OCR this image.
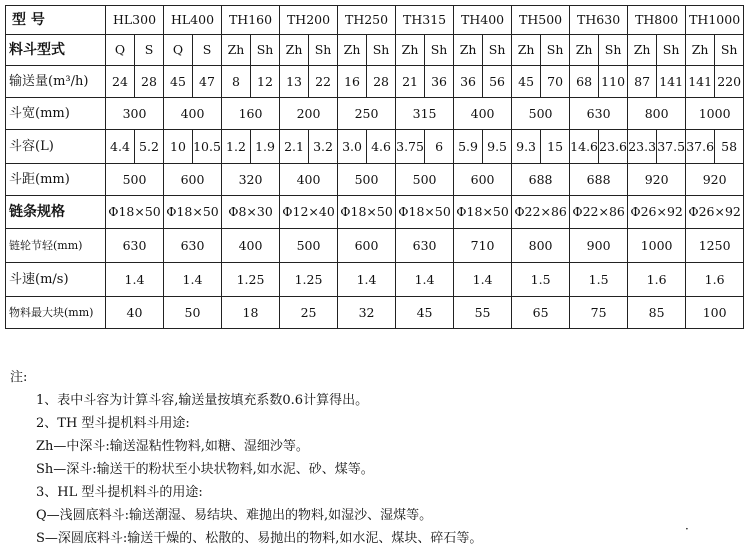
型 号	HL300		HL400		TH160		TH200		TH250		TH315		TH400		TH500		TH630		TH800		TH1000	
料斗型式	Q	S	Q	S	Zh	Sh	Zh	Sh	Zh	Sh	Zh	Sh	Zh	Sh	Zh	Sh	Zh	Sh	Zh	Sh	Zh	Sh
输送量(m³/h)	24	28	45	47	8	12	13	22	16	28	21	36	36	56	45	70	68	110	87	141	141	220
斗宽(mm)	300		400		160		200		250		315		400		500		630		800		1000	
斗容(L)	4.4	5.2	10	10.5	1.2	1.9	2.1	3.2	3.0	4.6	3.75	6	5.9	9.5	9.3	15	14.6	23.6	23.3	37.5	37.6	58
斗距(mm)	500		600		320		400		500		500		600		688		688		920		920	
链条规格	Φ18×50		Φ18×50		Φ8×30		Φ12×40		Φ18×50		Φ18×50		Φ18×50		Φ22×86		Φ22×86		Φ26×92		Φ26×92	
链轮节轻(mm)	630		630		400		500		600		630		710		800		900		1000		1250	
斗速(m/s)	1.4		1.4		1.25		1.25		1.4		1.4		1.4		1.5		1.5		1.6		1.6	
物料最大块(mm)	40		50		18		25		32		45		55		65		75		85		100	
注:
1、表中斗容为计算斗容,输送量按填充系数0.6计算得出。
2、TH 型斗提机料斗用途:
Zh—中深斗:输送湿粘性物料,如糖、湿细沙等。
Sh—深斗:输送干的粉状至小块状物料,如水泥、砂、煤等。
3、HL 型斗提机料斗的用途:
Q—浅圆底料斗:输送潮湿、易结块、难抛出的物料,如湿沙、湿煤等。
S—深圆底料斗:输送干燥的、松散的、易抛出的物料,如水泥、煤块、碎石等。
·
